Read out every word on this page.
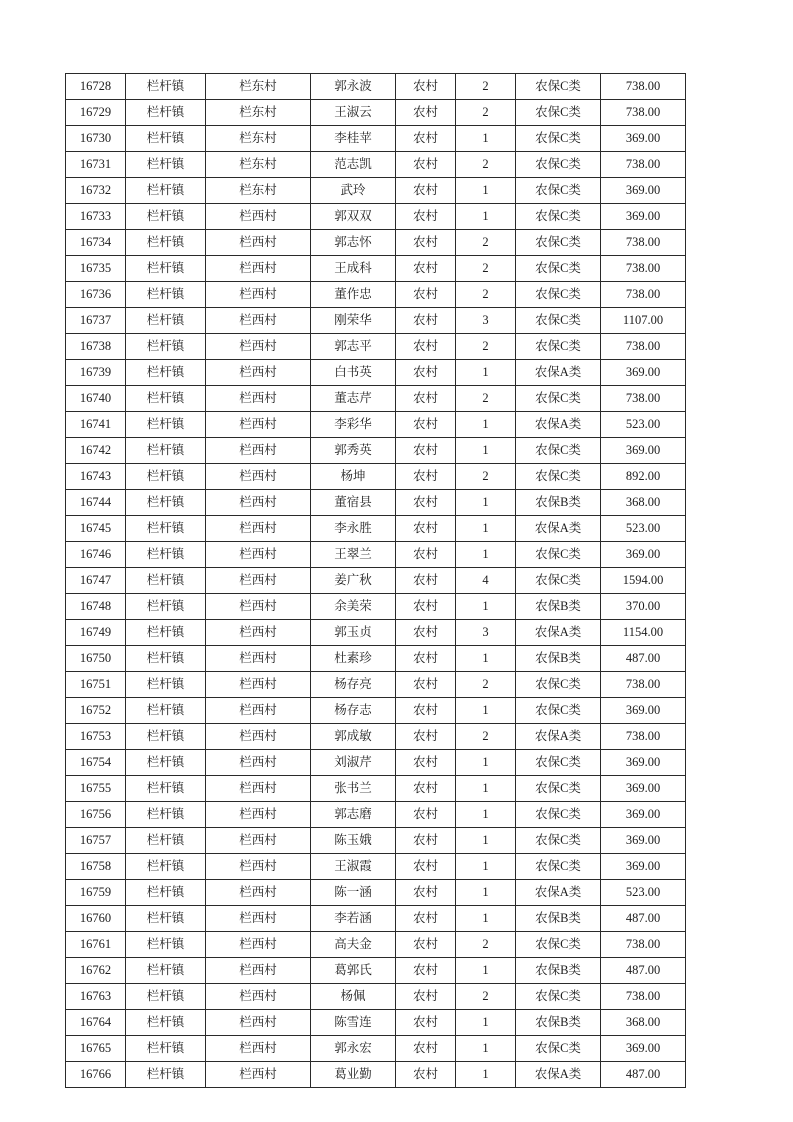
16728	栏杆镇	栏东村	郭永波	农村	2	农保C类	738.00
16729	栏杆镇	栏东村	王淑云	农村	2	农保C类	738.00
16730	栏杆镇	栏东村	李桂苹	农村	1	农保C类	369.00
16731	栏杆镇	栏东村	范志凯	农村	2	农保C类	738.00
16732	栏杆镇	栏东村	武玲	农村	1	农保C类	369.00
16733	栏杆镇	栏西村	郭双双	农村	1	农保C类	369.00
16734	栏杆镇	栏西村	郭志怀	农村	2	农保C类	738.00
16735	栏杆镇	栏西村	王成科	农村	2	农保C类	738.00
16736	栏杆镇	栏西村	董作忠	农村	2	农保C类	738.00
16737	栏杆镇	栏西村	刚荣华	农村	3	农保C类	1107.00
16738	栏杆镇	栏西村	郭志平	农村	2	农保C类	738.00
16739	栏杆镇	栏西村	白书英	农村	1	农保A类	369.00
16740	栏杆镇	栏西村	董志芹	农村	2	农保C类	738.00
16741	栏杆镇	栏西村	李彩华	农村	1	农保A类	523.00
16742	栏杆镇	栏西村	郭秀英	农村	1	农保C类	369.00
16743	栏杆镇	栏西村	杨坤	农村	2	农保C类	892.00
16744	栏杆镇	栏西村	董宿县	农村	1	农保B类	368.00
16745	栏杆镇	栏西村	李永胜	农村	1	农保A类	523.00
16746	栏杆镇	栏西村	王翠兰	农村	1	农保C类	369.00
16747	栏杆镇	栏西村	姜广秋	农村	4	农保C类	1594.00
16748	栏杆镇	栏西村	余美荣	农村	1	农保B类	370.00
16749	栏杆镇	栏西村	郭玉贞	农村	3	农保A类	1154.00
16750	栏杆镇	栏西村	杜素珍	农村	1	农保B类	487.00
16751	栏杆镇	栏西村	杨存亮	农村	2	农保C类	738.00
16752	栏杆镇	栏西村	杨存志	农村	1	农保C类	369.00
16753	栏杆镇	栏西村	郭成敏	农村	2	农保A类	738.00
16754	栏杆镇	栏西村	刘淑芹	农村	1	农保C类	369.00
16755	栏杆镇	栏西村	张书兰	农村	1	农保C类	369.00
16756	栏杆镇	栏西村	郭志磨	农村	1	农保C类	369.00
16757	栏杆镇	栏西村	陈玉娥	农村	1	农保C类	369.00
16758	栏杆镇	栏西村	王淑霞	农村	1	农保C类	369.00
16759	栏杆镇	栏西村	陈一涵	农村	1	农保A类	523.00
16760	栏杆镇	栏西村	李若涵	农村	1	农保B类	487.00
16761	栏杆镇	栏西村	高夫金	农村	2	农保C类	738.00
16762	栏杆镇	栏西村	葛郭氏	农村	1	农保B类	487.00
16763	栏杆镇	栏西村	杨佩	农村	2	农保C类	738.00
16764	栏杆镇	栏西村	陈雪连	农村	1	农保B类	368.00
16765	栏杆镇	栏西村	郭永宏	农村	1	农保C类	369.00
16766	栏杆镇	栏西村	葛业勤	农村	1	农保A类	487.00
